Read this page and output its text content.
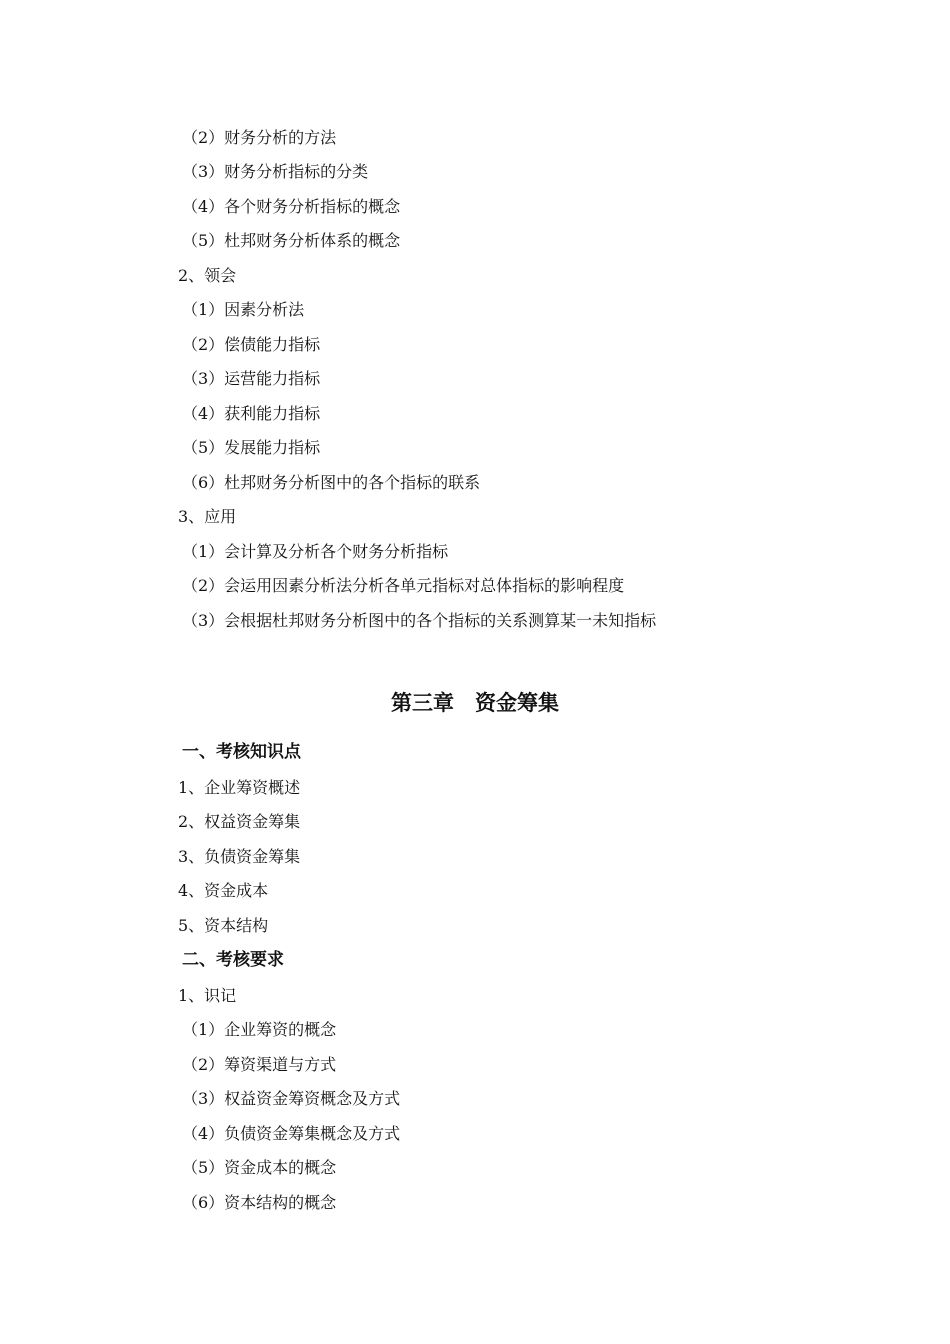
（2）财务分析的方法
（3）财务分析指标的分类
（4）各个财务分析指标的概念
（5）杜邦财务分析体系的概念
2、领会
（1）因素分析法
（2）偿债能力指标
（3）运营能力指标
（4）获利能力指标
（5）发展能力指标
（6）杜邦财务分析图中的各个指标的联系
3、应用
（1）会计算及分析各个财务分析指标
（2）会运用因素分析法分析各单元指标对总体指标的影响程度
（3）会根据杜邦财务分析图中的各个指标的关系测算某一未知指标
第三章　资金筹集
一、考核知识点
1、企业筹资概述
2、权益资金筹集
3、负债资金筹集
4、资金成本
5、资本结构
二、考核要求
1、识记
（1）企业筹资的概念
（2）筹资渠道与方式
（3）权益资金筹资概念及方式
（4）负债资金筹集概念及方式
（5）资金成本的概念
（6）资本结构的概念
